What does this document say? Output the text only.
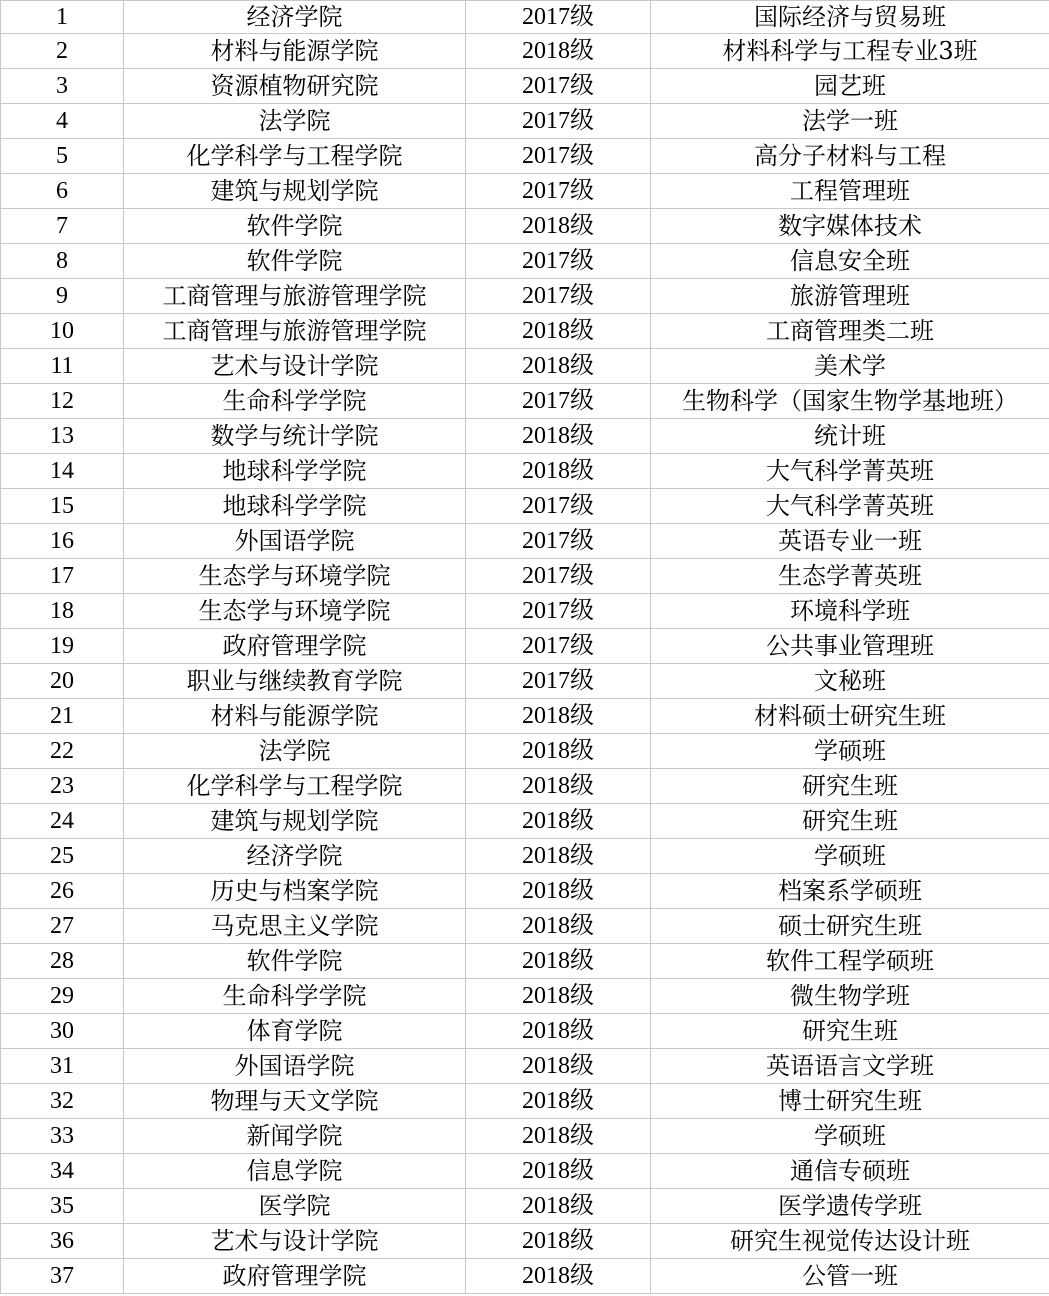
1	经济学院	2017级	国际经济与贸易班
2	材料与能源学院	2018级	材料科学与工程专业3班
3	资源植物研究院	2017级	园艺班
4	法学院	2017级	法学一班
5	化学科学与工程学院	2017级	高分子材料与工程
6	建筑与规划学院	2017级	工程管理班
7	软件学院	2018级	数字媒体技术
8	软件学院	2017级	信息安全班
9	工商管理与旅游管理学院	2017级	旅游管理班
10	工商管理与旅游管理学院	2018级	工商管理类二班
11	艺术与设计学院	2018级	美术学
12	生命科学学院	2017级	生物科学（国家生物学基地班）
13	数学与统计学院	2018级	统计班
14	地球科学学院	2018级	大气科学菁英班
15	地球科学学院	2017级	大气科学菁英班
16	外国语学院	2017级	英语专业一班
17	生态学与环境学院	2017级	生态学菁英班
18	生态学与环境学院	2017级	环境科学班
19	政府管理学院	2017级	公共事业管理班
20	职业与继续教育学院	2017级	文秘班
21	材料与能源学院	2018级	材料硕士研究生班
22	法学院	2018级	学硕班
23	化学科学与工程学院	2018级	研究生班
24	建筑与规划学院	2018级	研究生班
25	经济学院	2018级	学硕班
26	历史与档案学院	2018级	档案系学硕班
27	马克思主义学院	2018级	硕士研究生班
28	软件学院	2018级	软件工程学硕班
29	生命科学学院	2018级	微生物学班
30	体育学院	2018级	研究生班
31	外国语学院	2018级	英语语言文学班
32	物理与天文学院	2018级	博士研究生班
33	新闻学院	2018级	学硕班
34	信息学院	2018级	通信专硕班
35	医学院	2018级	医学遗传学班
36	艺术与设计学院	2018级	研究生视觉传达设计班
37	政府管理学院	2018级	公管一班
